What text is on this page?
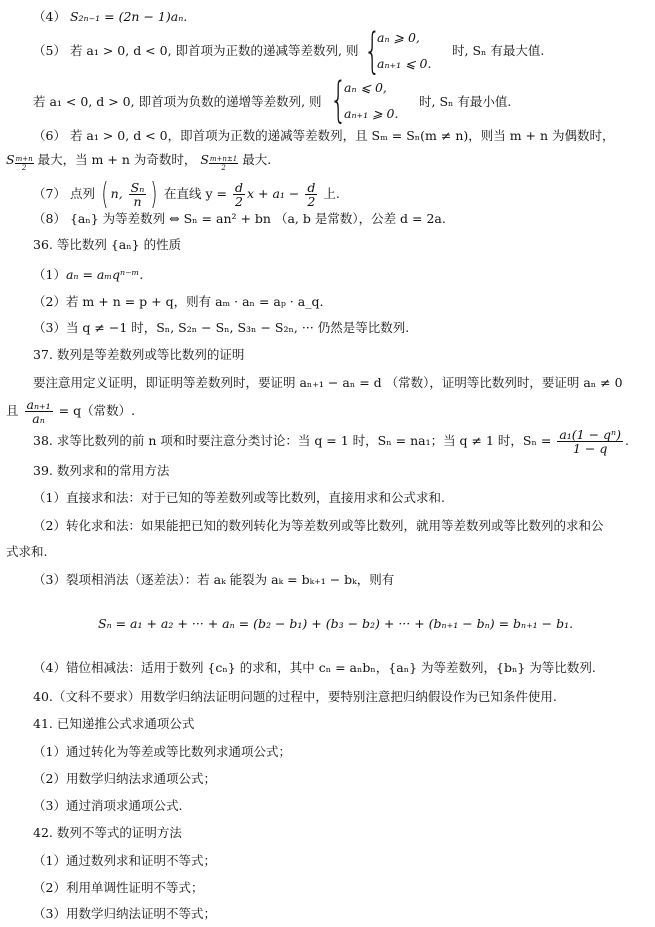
（4） S₂ₙ₋₁ = (2n − 1)aₙ.
（5） 若 a₁ > 0, d < 0, 即首项为正数的递减等差数列, 则 {
aₙ ⩾ 0,
aₙ₊₁ ⩽ 0.
时, Sₙ 有最大值.
若 a₁ < 0, d > 0, 即首项为负数的递增等差数列, 则 {
aₙ ⩽ 0,
aₙ₊₁ ⩾ 0.
时, Sₙ 有最小值.
（6） 若 a₁ > 0, d < 0，即首项为正数的递减等差数列，且 Sₘ = Sₙ(m ≠ n)，则当 m + n 为偶数时，
S $\frac{m+n}{2}$ 最大，当 m + n 为奇数时， S $\frac{m+n\pm 1}{2}$ 最大.
（7） 点列 ( n, $\frac{\text{Sₙ}}{n}$ ) 在直线 $y = \frac{d}{2}$ $x + a_1 - \frac{d}{2}$ 上.
（8） {aₙ} 为等差数列 ⇔ Sₙ = an² + bn （a, b 是常数），公差 d = 2a.
36. 等比数列 {aₙ} 的性质
（1）aₙ = aₘqⁿ⁻ᵐ.
（2）若 m + n = p + q，则有 aₘ · aₙ = aₚ · a_q.
（3）当 q ≠ −1 时，Sₙ, S₂ₙ − Sₙ, S₃ₙ − S₂ₙ, ··· 仍然是等比数列.
37. 数列是等差数列或等比数列的证明
要注意用定义证明，即证明等差数列时，要证明 aₙ₊₁ − aₙ = d （常数），证明等比数列时，要证明 aₙ ≠ 0
且 $\frac{\text{aₙ₊₁}}{\text{aₙ}} = q$（常数）.
38. 求等比数列的前 n 项和时要注意分类讨论：当 q = 1 时，Sₙ = na₁；当 q ≠ 1 时，$S_n = \frac{\text{a₁(1 − qⁿ)}}{1 - q}$ .
39. 数列求和的常用方法
（1）直接求和法：对于已知的等差数列或等比数列，直接用求和公式求和.
（2）转化求和法：如果能把已知的数列转化为等差数列或等比数列，就用等差数列或等比数列的求和公
式求和.
（3）裂项相消法（逐差法）：若 aₖ 能裂为 aₖ = bₖ₊₁ − bₖ，则有
Sₙ = a₁ + a₂ + ··· + aₙ = (b₂ − b₁) + (b₃ − b₂) + ··· + (bₙ₊₁ − bₙ) = bₙ₊₁ − b₁.
（4）错位相减法：适用于数列 {cₙ} 的求和，其中 cₙ = aₙbₙ，{aₙ} 为等差数列，{bₙ} 为等比数列.
40.（文科不要求）用数学归纳法证明问题的过程中，要特别注意把归纳假设作为已知条件使用.
41. 已知递推公式求通项公式
（1）通过转化为等差或等比数列求通项公式；
（2）用数学归纳法求通项公式；
（3）通过消项求通项公式.
42. 数列不等式的证明方法
（1）通过数列求和证明不等式；
（2）利用单调性证明不等式；
（3）用数学归纳法证明不等式；
